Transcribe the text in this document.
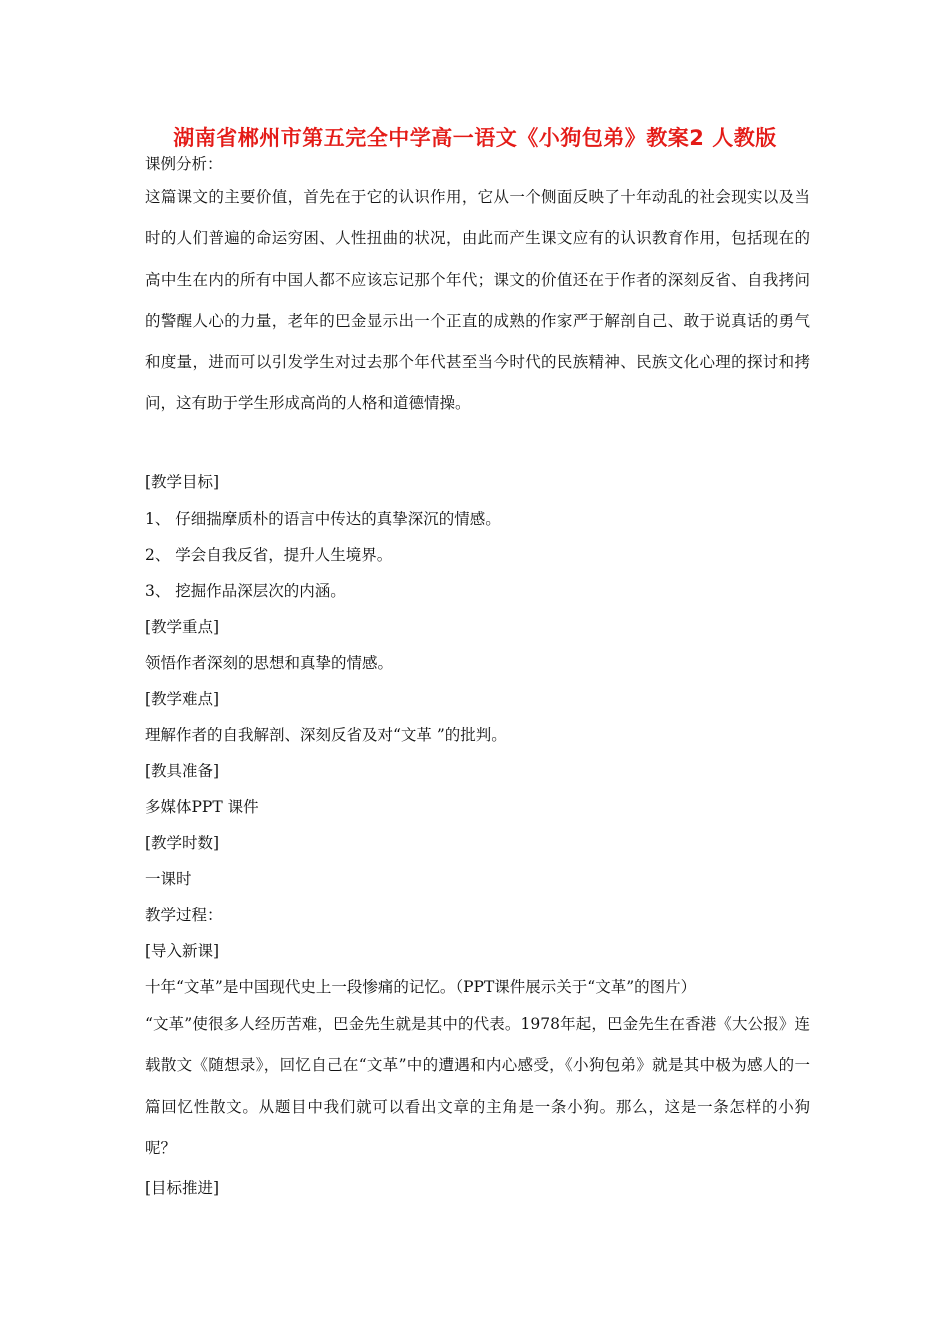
湖南省郴州市第五完全中学高一语文《小狗包弟》教案2 人教版
课例分析：
这篇课文的主要价值，首先在于它的认识作用，它从一个侧面反映了十年动乱的社会现实以及当时的人们普遍的命运穷困、人性扭曲的状况，由此而产生课文应有的认识教育作用，包括现在的高中生在内的所有中国人都不应该忘记那个年代；课文的价值还在于作者的深刻反省、自我拷问的警醒人心的力量，老年的巴金显示出一个正直的成熟的作家严于解剖自己、敢于说真话的勇气和度量，进而可以引发学生对过去那个年代甚至当今时代的民族精神、民族文化心理的探讨和拷问，这有助于学生形成高尚的人格和道德情操。
[教学目标]
1、 仔细揣摩质朴的语言中传达的真挚深沉的情感。
2、 学会自我反省，提升人生境界。
3、 挖掘作品深层次的内涵。
[教学重点]
领悟作者深刻的思想和真挚的情感。
[教学难点]
理解作者的自我解剖、深刻反省及对“文革 ”的批判。
[教具准备]
多媒体PPT 课件
[教学时数]
一课时
教学过程：
[导入新课]
十年“文革”是中国现代史上一段惨痛的记忆。（PPT课件展示关于“文革”的图片）
“文革”使很多人经历苦难，巴金先生就是其中的代表。1978年起，巴金先生在香港《大公报》连载散文《随想录》，回忆自己在“文革”中的遭遇和内心感受，《小狗包弟》就是其中极为感人的一篇回忆性散文。从题目中我们就可以看出文章的主角是一条小狗。那么，这是一条怎样的小狗呢？
[目标推进]
